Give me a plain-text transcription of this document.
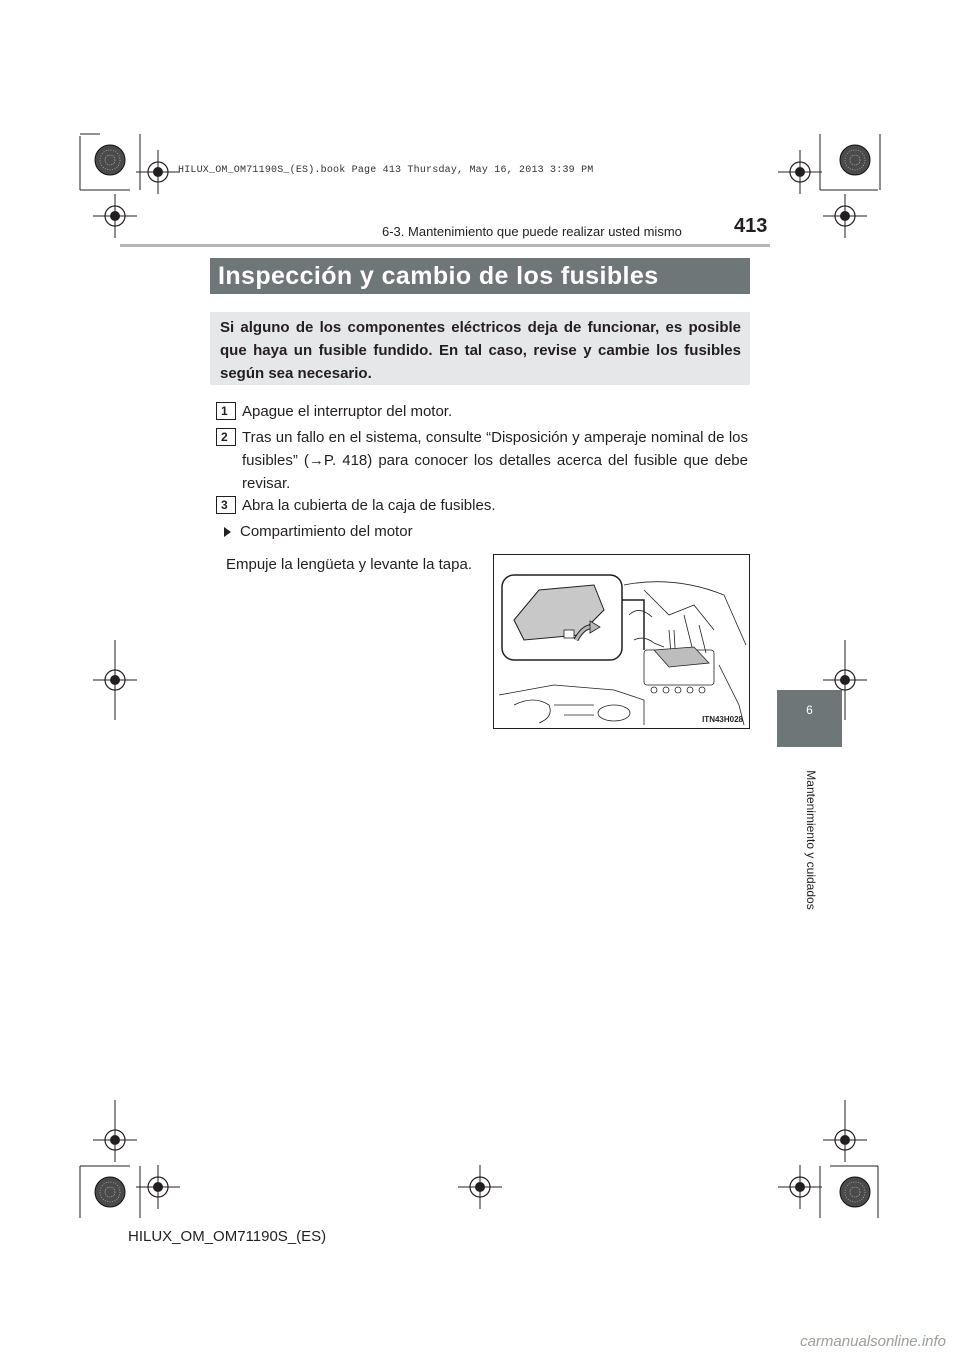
HILUX_OM_OM71190S_(ES).book Page 413 Thursday, May 16, 2013 3:39 PM
6-3. Mantenimiento que puede realizar usted mismo	413
Inspección y cambio de los fusibles
Si alguno de los componentes eléctricos deja de funcionar, es posible que haya un fusible fundido. En tal caso, revise y cambie los fusibles según sea necesario.
1 Apague el interruptor del motor.
2 Tras un fallo en el sistema, consulte “Disposición y amperaje nominal de los fusibles” (→P. 418) para conocer los detalles acerca del fusible que debe revisar.
3 Abra la cubierta de la caja de fusibles.
Compartimiento del motor
Empuje la lengüeta y levante la tapa.
ITN43H028
6
Mantenimiento y cuidados
HILUX_OM_OM71190S_(ES)
carmanualsonline.info
